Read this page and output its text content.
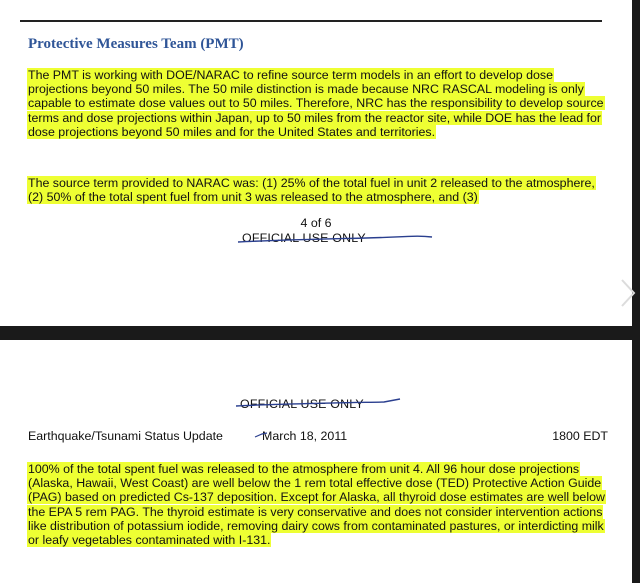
Protective Measures Team (PMT)

The PMT is working with DOE/NARAC to refine source term models in an effort to develop dose projections beyond 50 miles. The 50 mile distinction is made because NRC RASCAL modeling is only capable to estimate dose values out to 50 miles. Therefore, NRC has the responsibility to develop source terms and dose projections within Japan, up to 50 miles from the reactor site, while DOE has the lead for dose projections beyond 50 miles and for the United States and territories.

The source term provided to NARAC was: (1) 25% of the total fuel in unit 2 released to the atmosphere, (2) 50% of the total spent fuel from unit 3 was released to the atmosphere, and (3)

4 of 6

OFFICIAL USE ONLY

OFFICIAL USE ONLY

Earthquake/Tsunami Status Update	March 18, 2011	1800 EDT

100% of the total spent fuel was released to the atmosphere from unit 4. All 96 hour dose projections (Alaska, Hawaii, West Coast) are well below the 1 rem total effective dose (TED) Protective Action Guide (PAG) based on predicted Cs-137 deposition. Except for Alaska, all thyroid dose estimates are well below the EPA 5 rem PAG. The thyroid estimate is very conservative and does not consider intervention actions like distribution of potassium iodide, removing dairy cows from contaminated pastures, or interdicting milk or leafy vegetables contaminated with I-131.
